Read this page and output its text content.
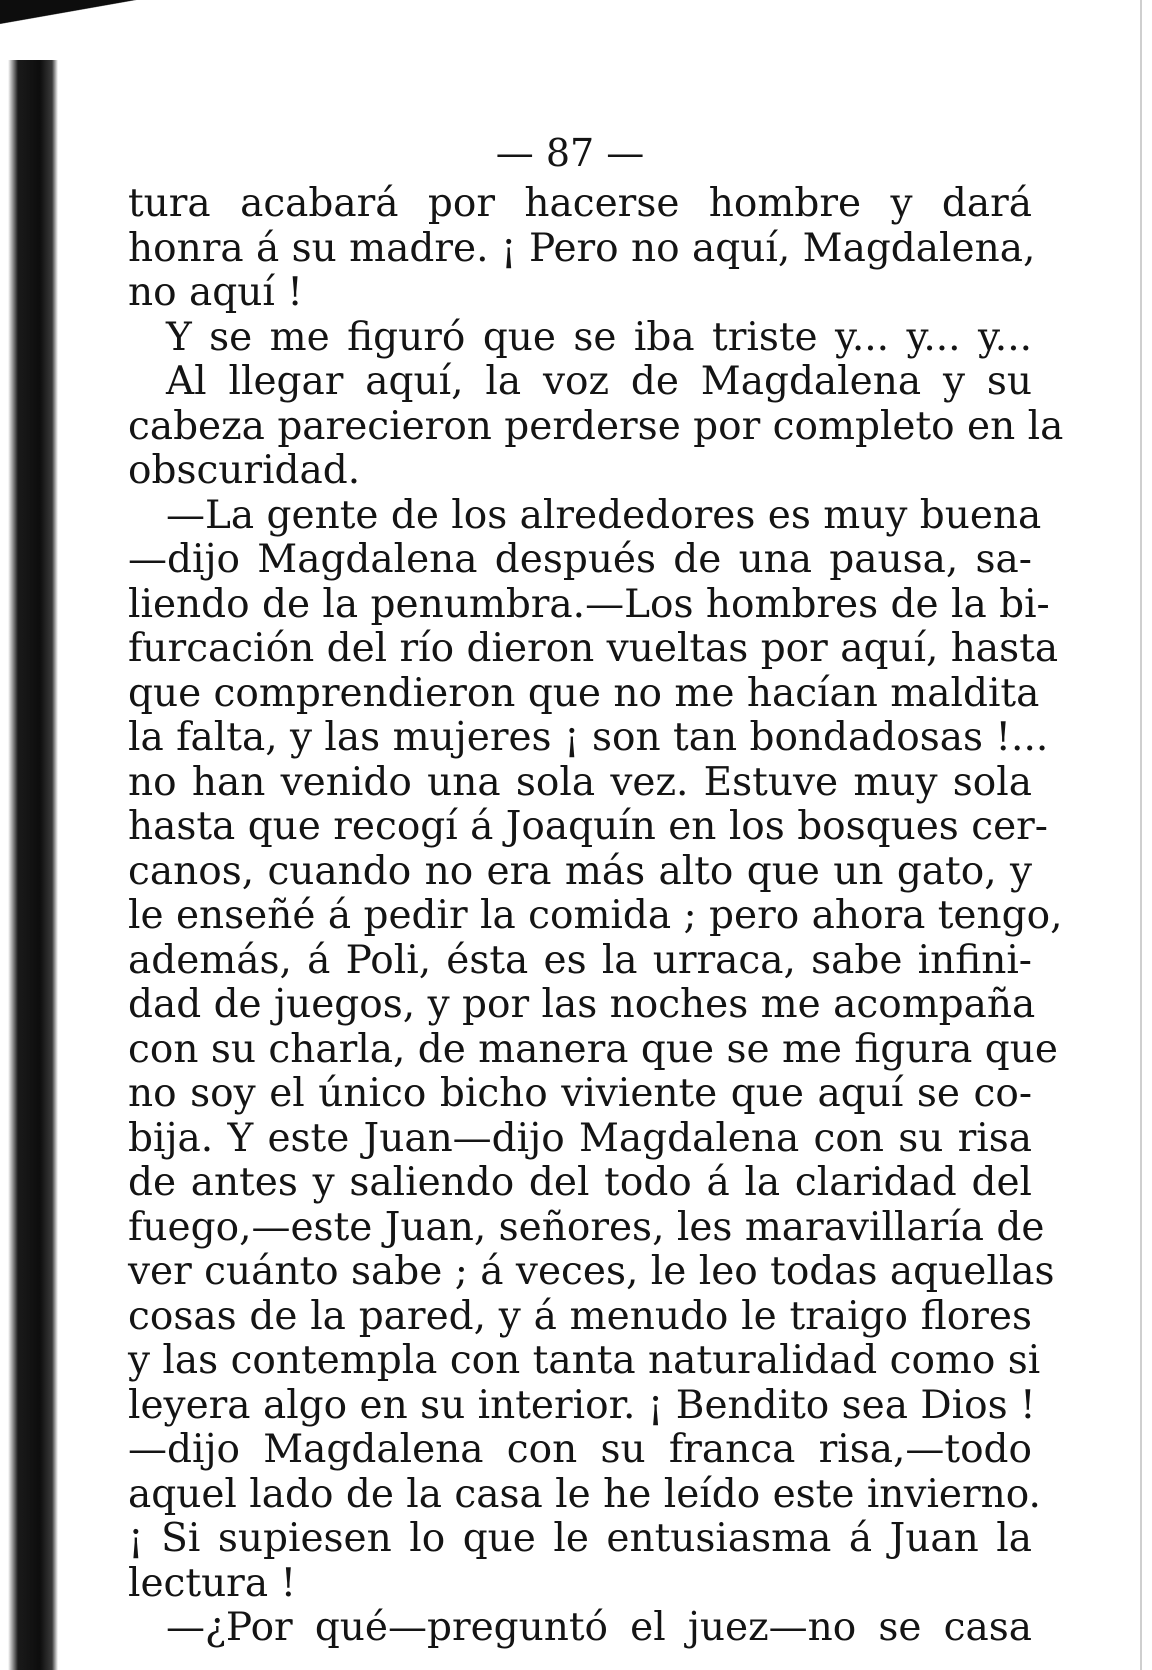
— 87 —
tura acabará por hacerse hombre y dará
honra á su madre. ¡ Pero no aquí, Magdalena,
no aquí !
Y se me figuró que se iba triste y... y... y...
Al llegar aquí, la voz de Magdalena y su
cabeza parecieron perderse por completo en la
obscuridad.
—La gente de los alrededores es muy buena
—dijo Magdalena después de una pausa, sa-
liendo de la penumbra.—Los hombres de la bi-
furcación del río dieron vueltas por aquí, hasta
que comprendieron que no me hacían maldita
la falta, y las mujeres ¡ son tan bondadosas !...
no han venido una sola vez. Estuve muy sola
hasta que recogí á Joaquín en los bosques cer-
canos, cuando no era más alto que un gato, y
le enseñé á pedir la comida ; pero ahora tengo,
además, á Poli, ésta es la urraca, sabe infini-
dad de juegos, y por las noches me acompaña
con su charla, de manera que se me figura que
no soy el único bicho viviente que aquí se co-
bija. Y este Juan—dijo Magdalena con su risa
de antes y saliendo del todo á la claridad del
fuego,—este Juan, señores, les maravillaría de
ver cuánto sabe ; á veces, le leo todas aquellas
cosas de la pared, y á menudo le traigo flores
y las contempla con tanta naturalidad como si
leyera algo en su interior. ¡ Bendito sea Dios !
—dijo Magdalena con su franca risa,—todo
aquel lado de la casa le he leído este invierno.
¡ Si supiesen lo que le entusiasma á Juan la
lectura !
—¿Por qué—preguntó el juez—no se casa
